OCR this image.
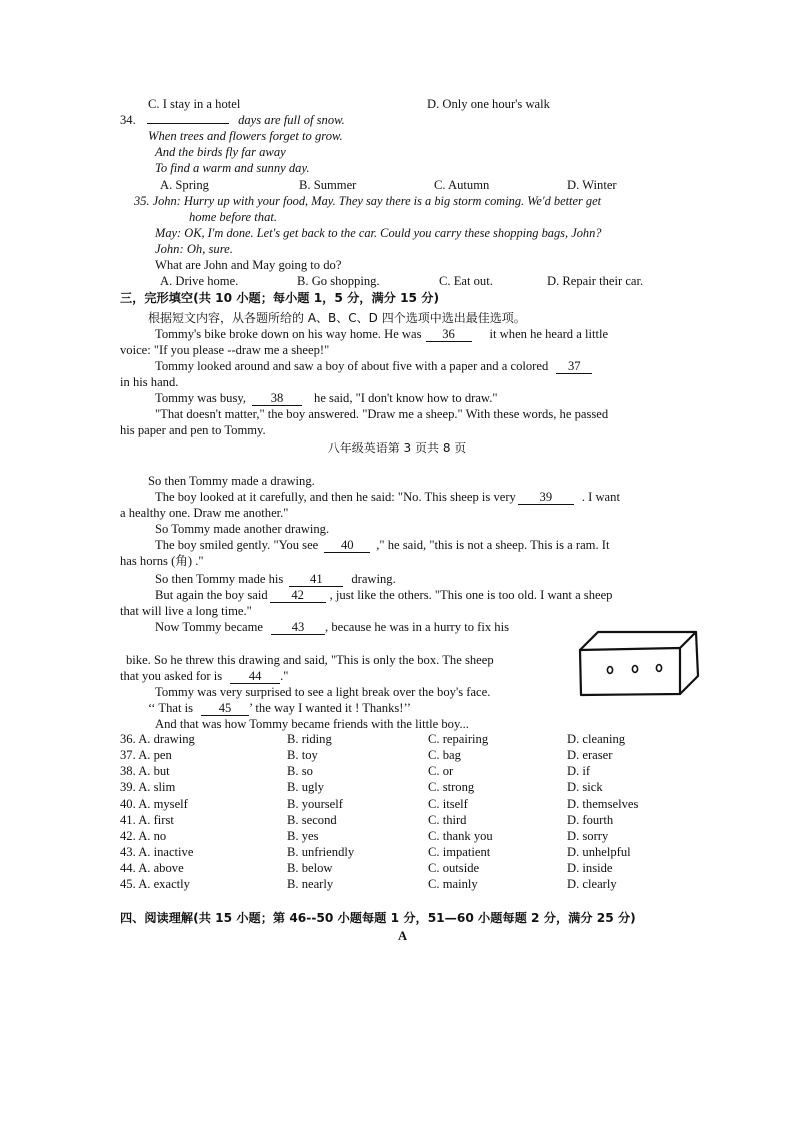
C. I stay in a hotel	D. Only one hour's walk
34.	days are full of snow.
When trees and flowers forget to grow.
And the birds fly far away
To find a warm and sunny day.
A. Spring	B. Summer	C. Autumn	D. Winter
35. John: Hurry up with your food, May. They say there is a big storm coming. We'd better get
home before that.
May: OK, I'm done. Let's get back to the car. Could you carry these shopping bags, John?
John: Oh, sure.
What are John and May going to do?
A. Drive home.	B. Go shopping.	C. Eat out.	D. Repair their car.
三，完形填空(共 10 小题；每小题 1，5 分，满分 15 分)
根据短文内容，从各题所给的 A、B、C、D 四个选项中选出最佳选项。
Tommy's bike broke down on his way home. He was 36	it when he heard a little
voice: "If you please --draw me a sheep!"
Tommy looked around and saw a boy of about five with a paper and a colored 37
in his hand.
Tommy was busy, 38 he said, "I don't know how to draw."
"That doesn't matter," the boy answered. "Draw me a sheep." With these words, he passed
his paper and pen to Tommy.
八年级英语第 3 页共 8 页
So then Tommy made a drawing.
The boy looked at it carefully, and then he said: "No. This sheep is very 39 . I want
a healthy one. Draw me another."
So Tommy made another drawing.
The boy smiled gently. "You see 40 ," he said, "this is not a sheep. This is a ram. It
has horns (角) ."
So then Tommy made his 41 drawing.
But again the boy said 42 , just like the others. "This one is too old. I want a sheep
that will live a long time."
Now Tommy became 43 , because he was in a hurry to fix his
bike. So he threw this drawing and said, "This is only the box. The sheep
that you asked for is 44 ."
Tommy was very surprised to see a light break over the boy's face.
‘‘ That is 45 ’ the way I wanted it ! Thanks!’’
And that was how Tommy became friends with the little boy...
36. A. drawing	B. riding	C. repairing	D. cleaning
37. A. pen	B. toy	C. bag	D. eraser
38. A. but	B. so	C. or	D. if
39. A. slim	B. ugly	C. strong	D. sick
40. A. myself	B. yourself	C. itself	D. themselves
41. A. first	B. second	C. third	D. fourth
42. A. no	B. yes	C. thank you	D. sorry
43. A. inactive	B. unfriendly	C. impatient	D. unhelpful
44. A. above	B. below	C. outside	D. inside
45. A. exactly	B. nearly	C. mainly	D. clearly
四、阅读理解(共 15 小题；第 46--50 小题每题 1 分，51—60 小题每题 2 分，满分 25 分)
A
